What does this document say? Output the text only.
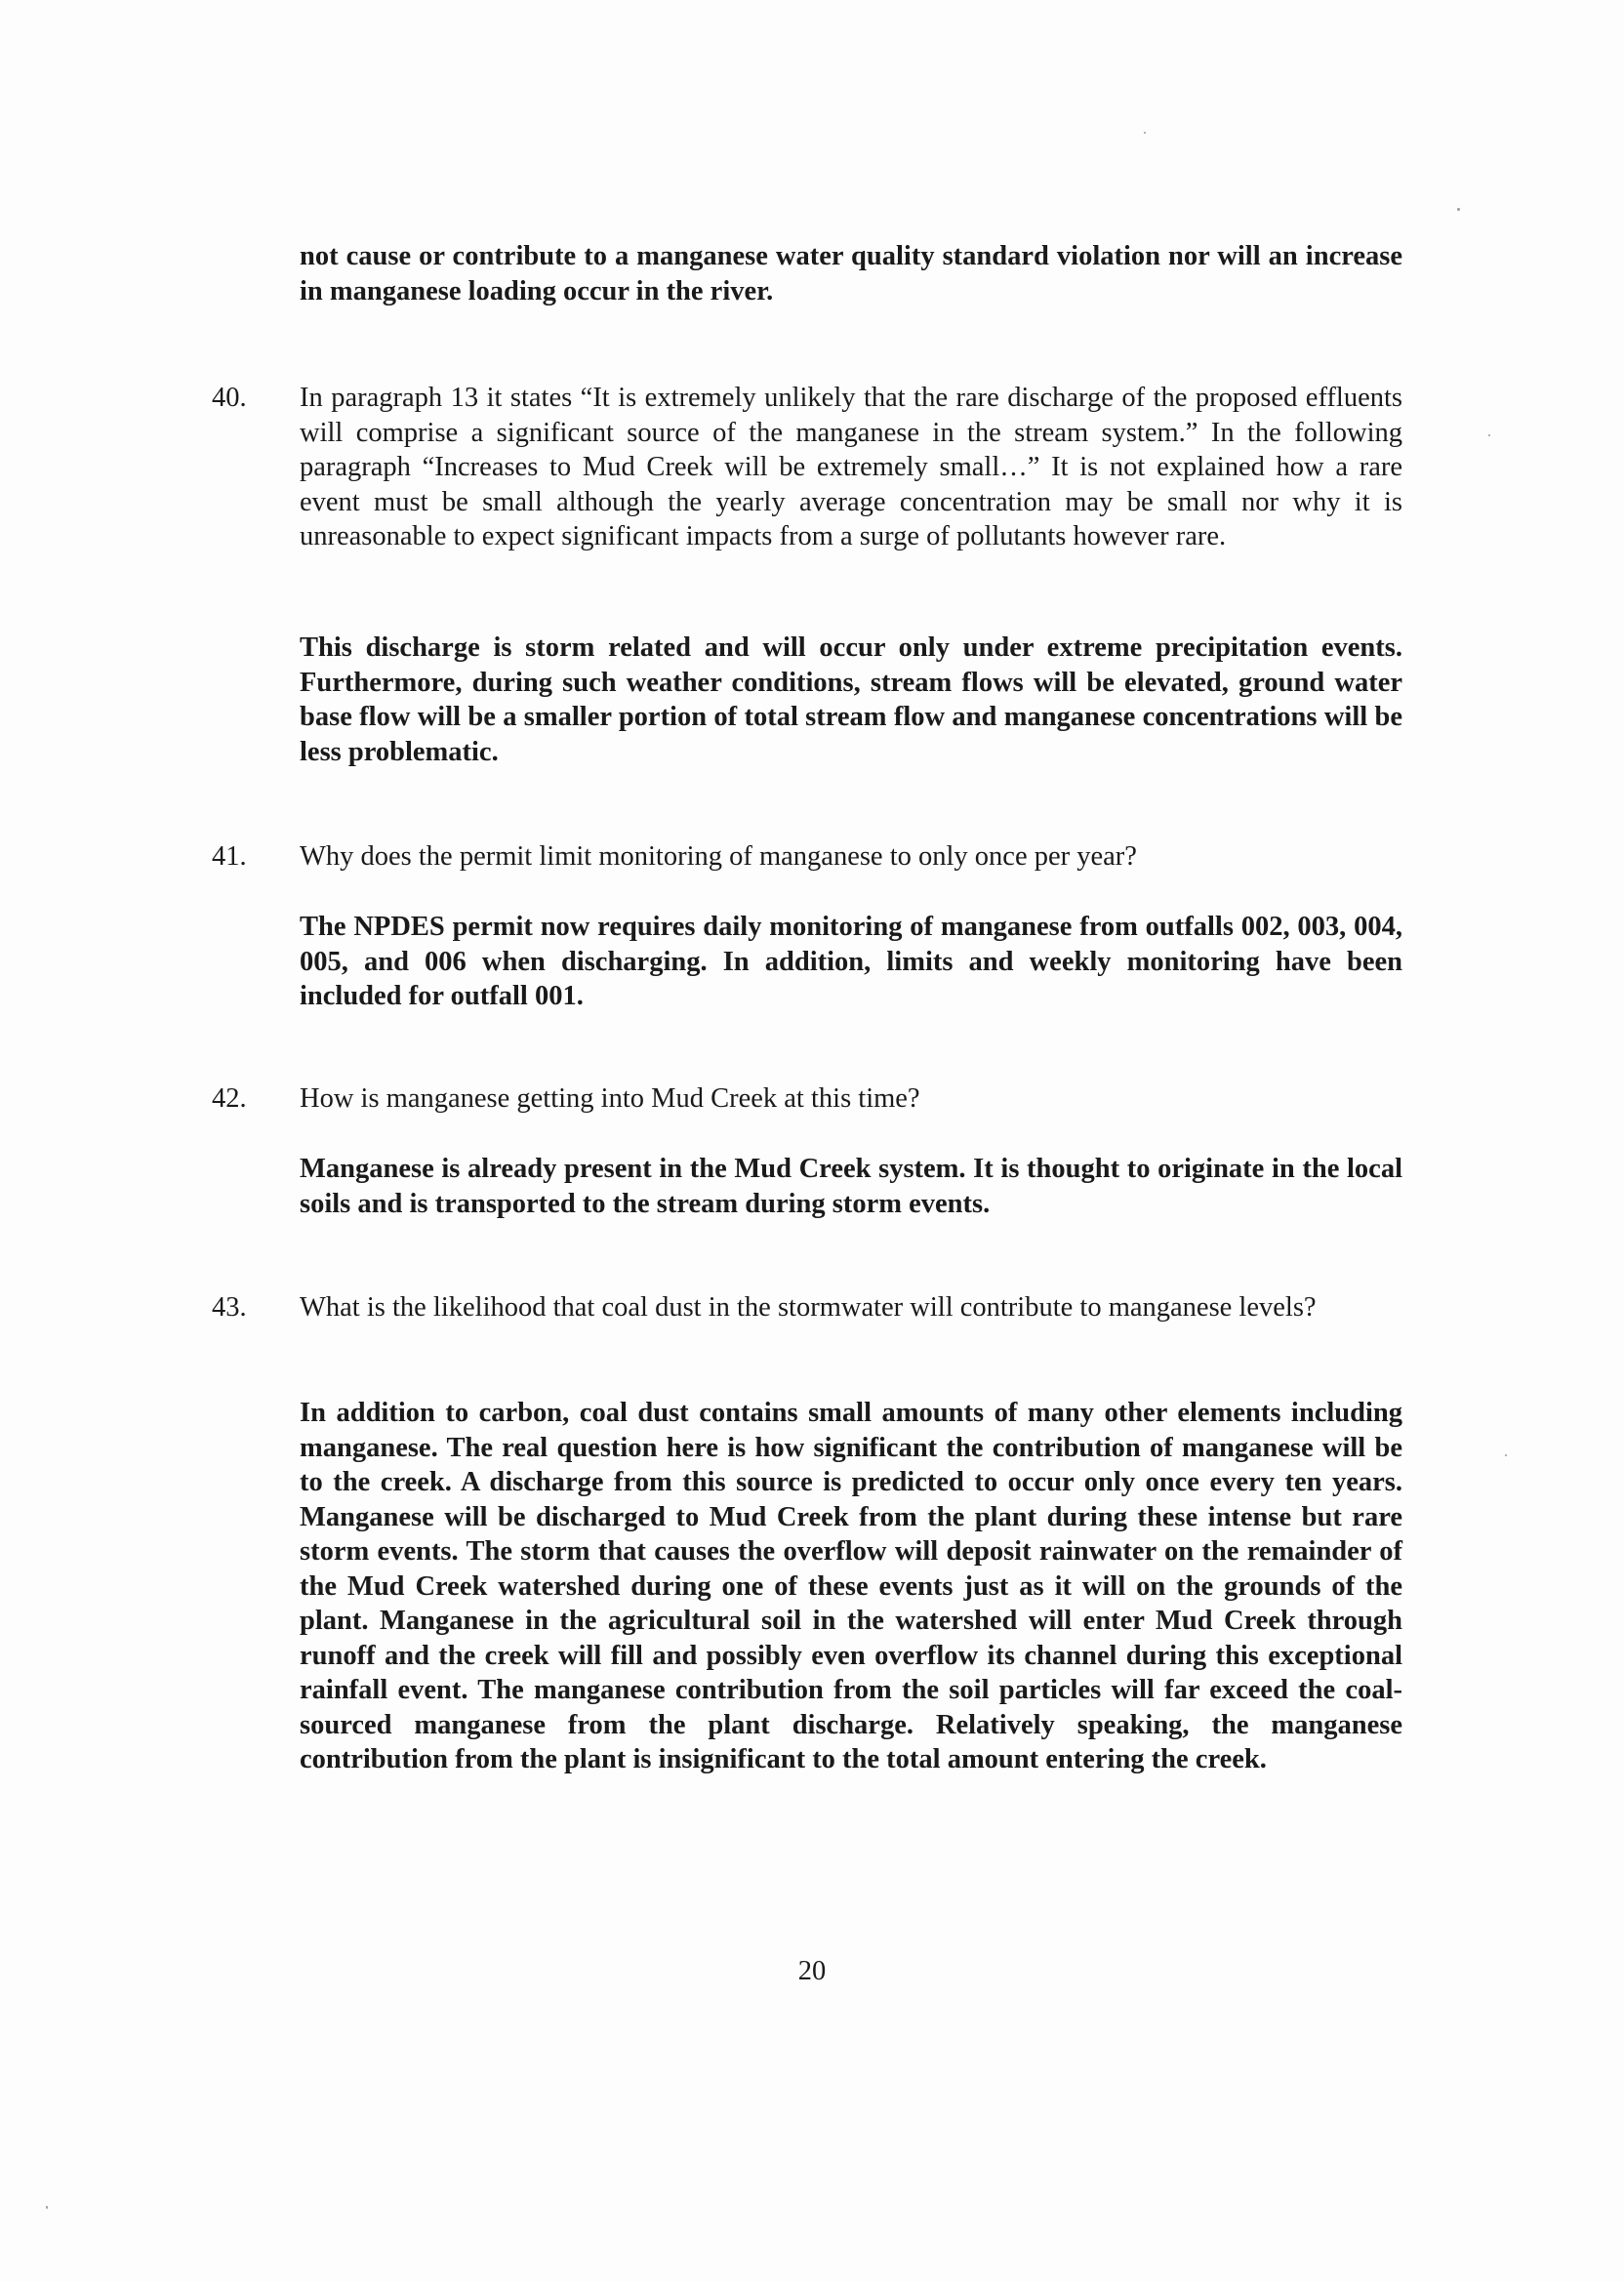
not cause or contribute to a manganese water quality standard violation nor will an increase in manganese loading occur in the river.
40. In paragraph 13 it states “It is extremely unlikely that the rare discharge of the proposed effluents will comprise a significant source of the manganese in the stream system.” In the following paragraph “Increases to Mud Creek will be extremely small…” It is not explained how a rare event must be small although the yearly average concentration may be small nor why it is unreasonable to expect significant impacts from a surge of pollutants however rare.
This discharge is storm related and will occur only under extreme precipitation events. Furthermore, during such weather conditions, stream flows will be elevated, ground water base flow will be a smaller portion of total stream flow and manganese concentrations will be less problematic.
41. Why does the permit limit monitoring of manganese to only once per year?
The NPDES permit now requires daily monitoring of manganese from outfalls 002, 003, 004, 005, and 006 when discharging. In addition, limits and weekly monitoring have been included for outfall 001.
42. How is manganese getting into Mud Creek at this time?
Manganese is already present in the Mud Creek system. It is thought to originate in the local soils and is transported to the stream during storm events.
43. What is the likelihood that coal dust in the stormwater will contribute to manganese levels?
In addition to carbon, coal dust contains small amounts of many other elements including manganese. The real question here is how significant the contribution of manganese will be to the creek. A discharge from this source is predicted to occur only once every ten years. Manganese will be discharged to Mud Creek from the plant during these intense but rare storm events. The storm that causes the overflow will deposit rainwater on the remainder of the Mud Creek watershed during one of these events just as it will on the grounds of the plant. Manganese in the agricultural soil in the watershed will enter Mud Creek through runoff and the creek will fill and possibly even overflow its channel during this exceptional rainfall event. The manganese contribution from the soil particles will far exceed the coal-sourced manganese from the plant discharge. Relatively speaking, the manganese contribution from the plant is insignificant to the total amount entering the creek.
20
